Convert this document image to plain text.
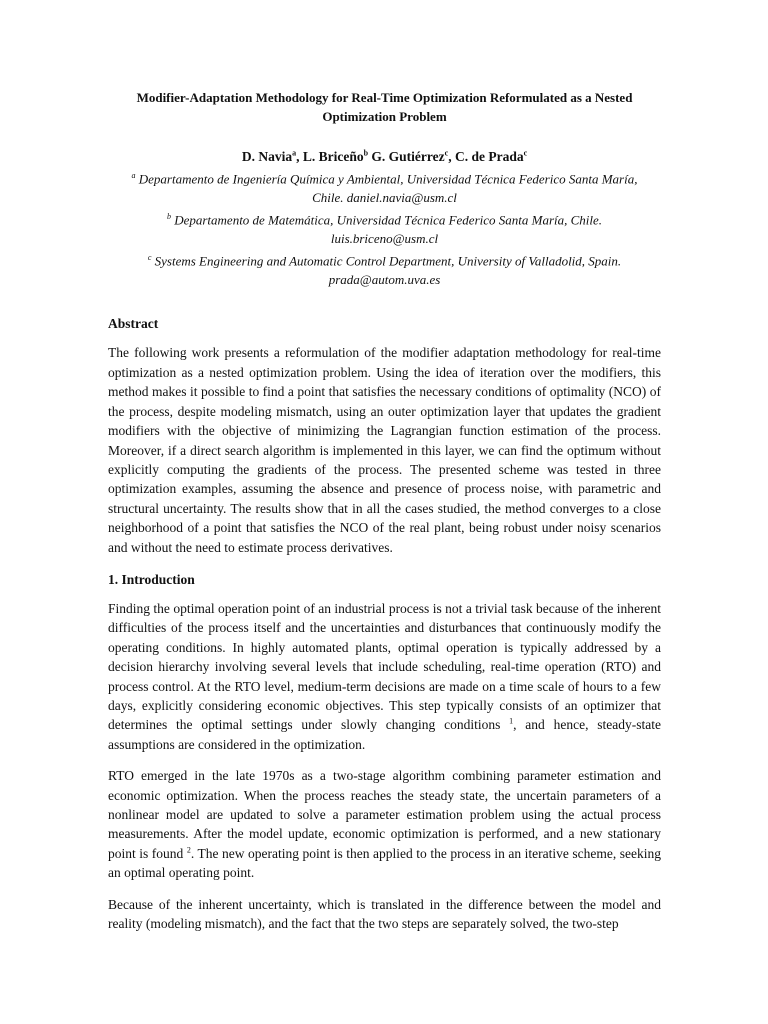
Modifier-Adaptation Methodology for Real-Time Optimization Reformulated as a Nested Optimization Problem
D. Navia$^a$, L. Briceño$^b$ G. Gutiérrez$^c$, C. de Prada$^c$
$^a$ Departamento de Ingeniería Química y Ambiental, Universidad Técnica Federico Santa María,
Chile. daniel.navia@usm.cl
$^b$ Departamento de Matemática, Universidad Técnica Federico Santa María, Chile.
luis.briceno@usm.cl
$^c$ Systems Engineering and Automatic Control Department, University of Valladolid, Spain.
prada@autom.uva.es
Abstract
The following work presents a reformulation of the modifier adaptation methodology for real-time optimization as a nested optimization problem. Using the idea of iteration over the modifiers, this method makes it possible to find a point that satisfies the necessary conditions of optimality (NCO) of the process, despite modeling mismatch, using an outer optimization layer that updates the gradient modifiers with the objective of minimizing the Lagrangian function estimation of the process. Moreover, if a direct search algorithm is implemented in this layer, we can find the optimum without explicitly computing the gradients of the process. The presented scheme was tested in three optimization examples, assuming the absence and presence of process noise, with parametric and structural uncertainty. The results show that in all the cases studied, the method converges to a close neighborhood of a point that satisfies the NCO of the real plant, being robust under noisy scenarios and without the need to estimate process derivatives.
1. Introduction
Finding the optimal operation point of an industrial process is not a trivial task because of the inherent difficulties of the process itself and the uncertainties and disturbances that continuously modify the operating conditions. In highly automated plants, optimal operation is typically addressed by a decision hierarchy involving several levels that include scheduling, real-time operation (RTO) and process control. At the RTO level, medium-term decisions are made on a time scale of hours to a few days, explicitly considering economic objectives. This step typically consists of an optimizer that determines the optimal settings under slowly changing conditions $^1$, and hence, steady-state assumptions are considered in the optimization.
RTO emerged in the late 1970s as a two-stage algorithm combining parameter estimation and economic optimization. When the process reaches the steady state, the uncertain parameters of a nonlinear model are updated to solve a parameter estimation problem using the actual process measurements. After the model update, economic optimization is performed, and a new stationary point is found $^2$. The new operating point is then applied to the process in an iterative scheme, seeking an optimal operating point.
Because of the inherent uncertainty, which is translated in the difference between the model and reality (modeling mismatch), and the fact that the two steps are separately solved, the two-step
